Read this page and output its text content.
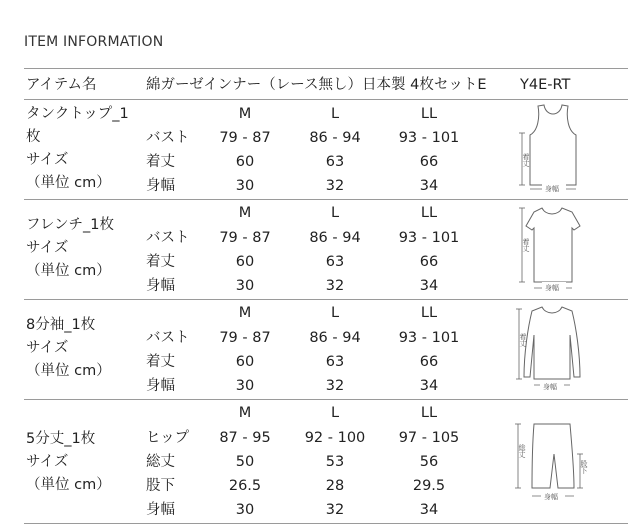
ITEM INFORMATION
アイテム名	綿ガーゼインナー（レース無し）日本製 4枚セットE Y4E-RT
タンクトップ_1
枚
サイズ
（単位 cm）
M	L	LL
バスト	79 - 87	86 - 94	93 - 101
着丈	60	63	66
身幅	30	32	34
着丈
身幅
フレンチ_1枚
サイズ
（単位 cm）
M	L	LL
バスト	79 - 87	86 - 94	93 - 101
着丈	60	63	66
身幅	30	32	34
着丈
身幅
8分袖_1枚
サイズ
（単位 cm）
M	L	LL
バスト	79 - 87	86 - 94	93 - 101
着丈	60	63	66
身幅	30	32	34
着丈
身幅
5分丈_1枚
サイズ
（単位 cm）
M	L	LL
ヒップ	87 - 95	92 - 100	97 - 105
総丈	50	53	56
股下	26.5	28	29.5
身幅	30	32	34
総丈
股下
身幅
